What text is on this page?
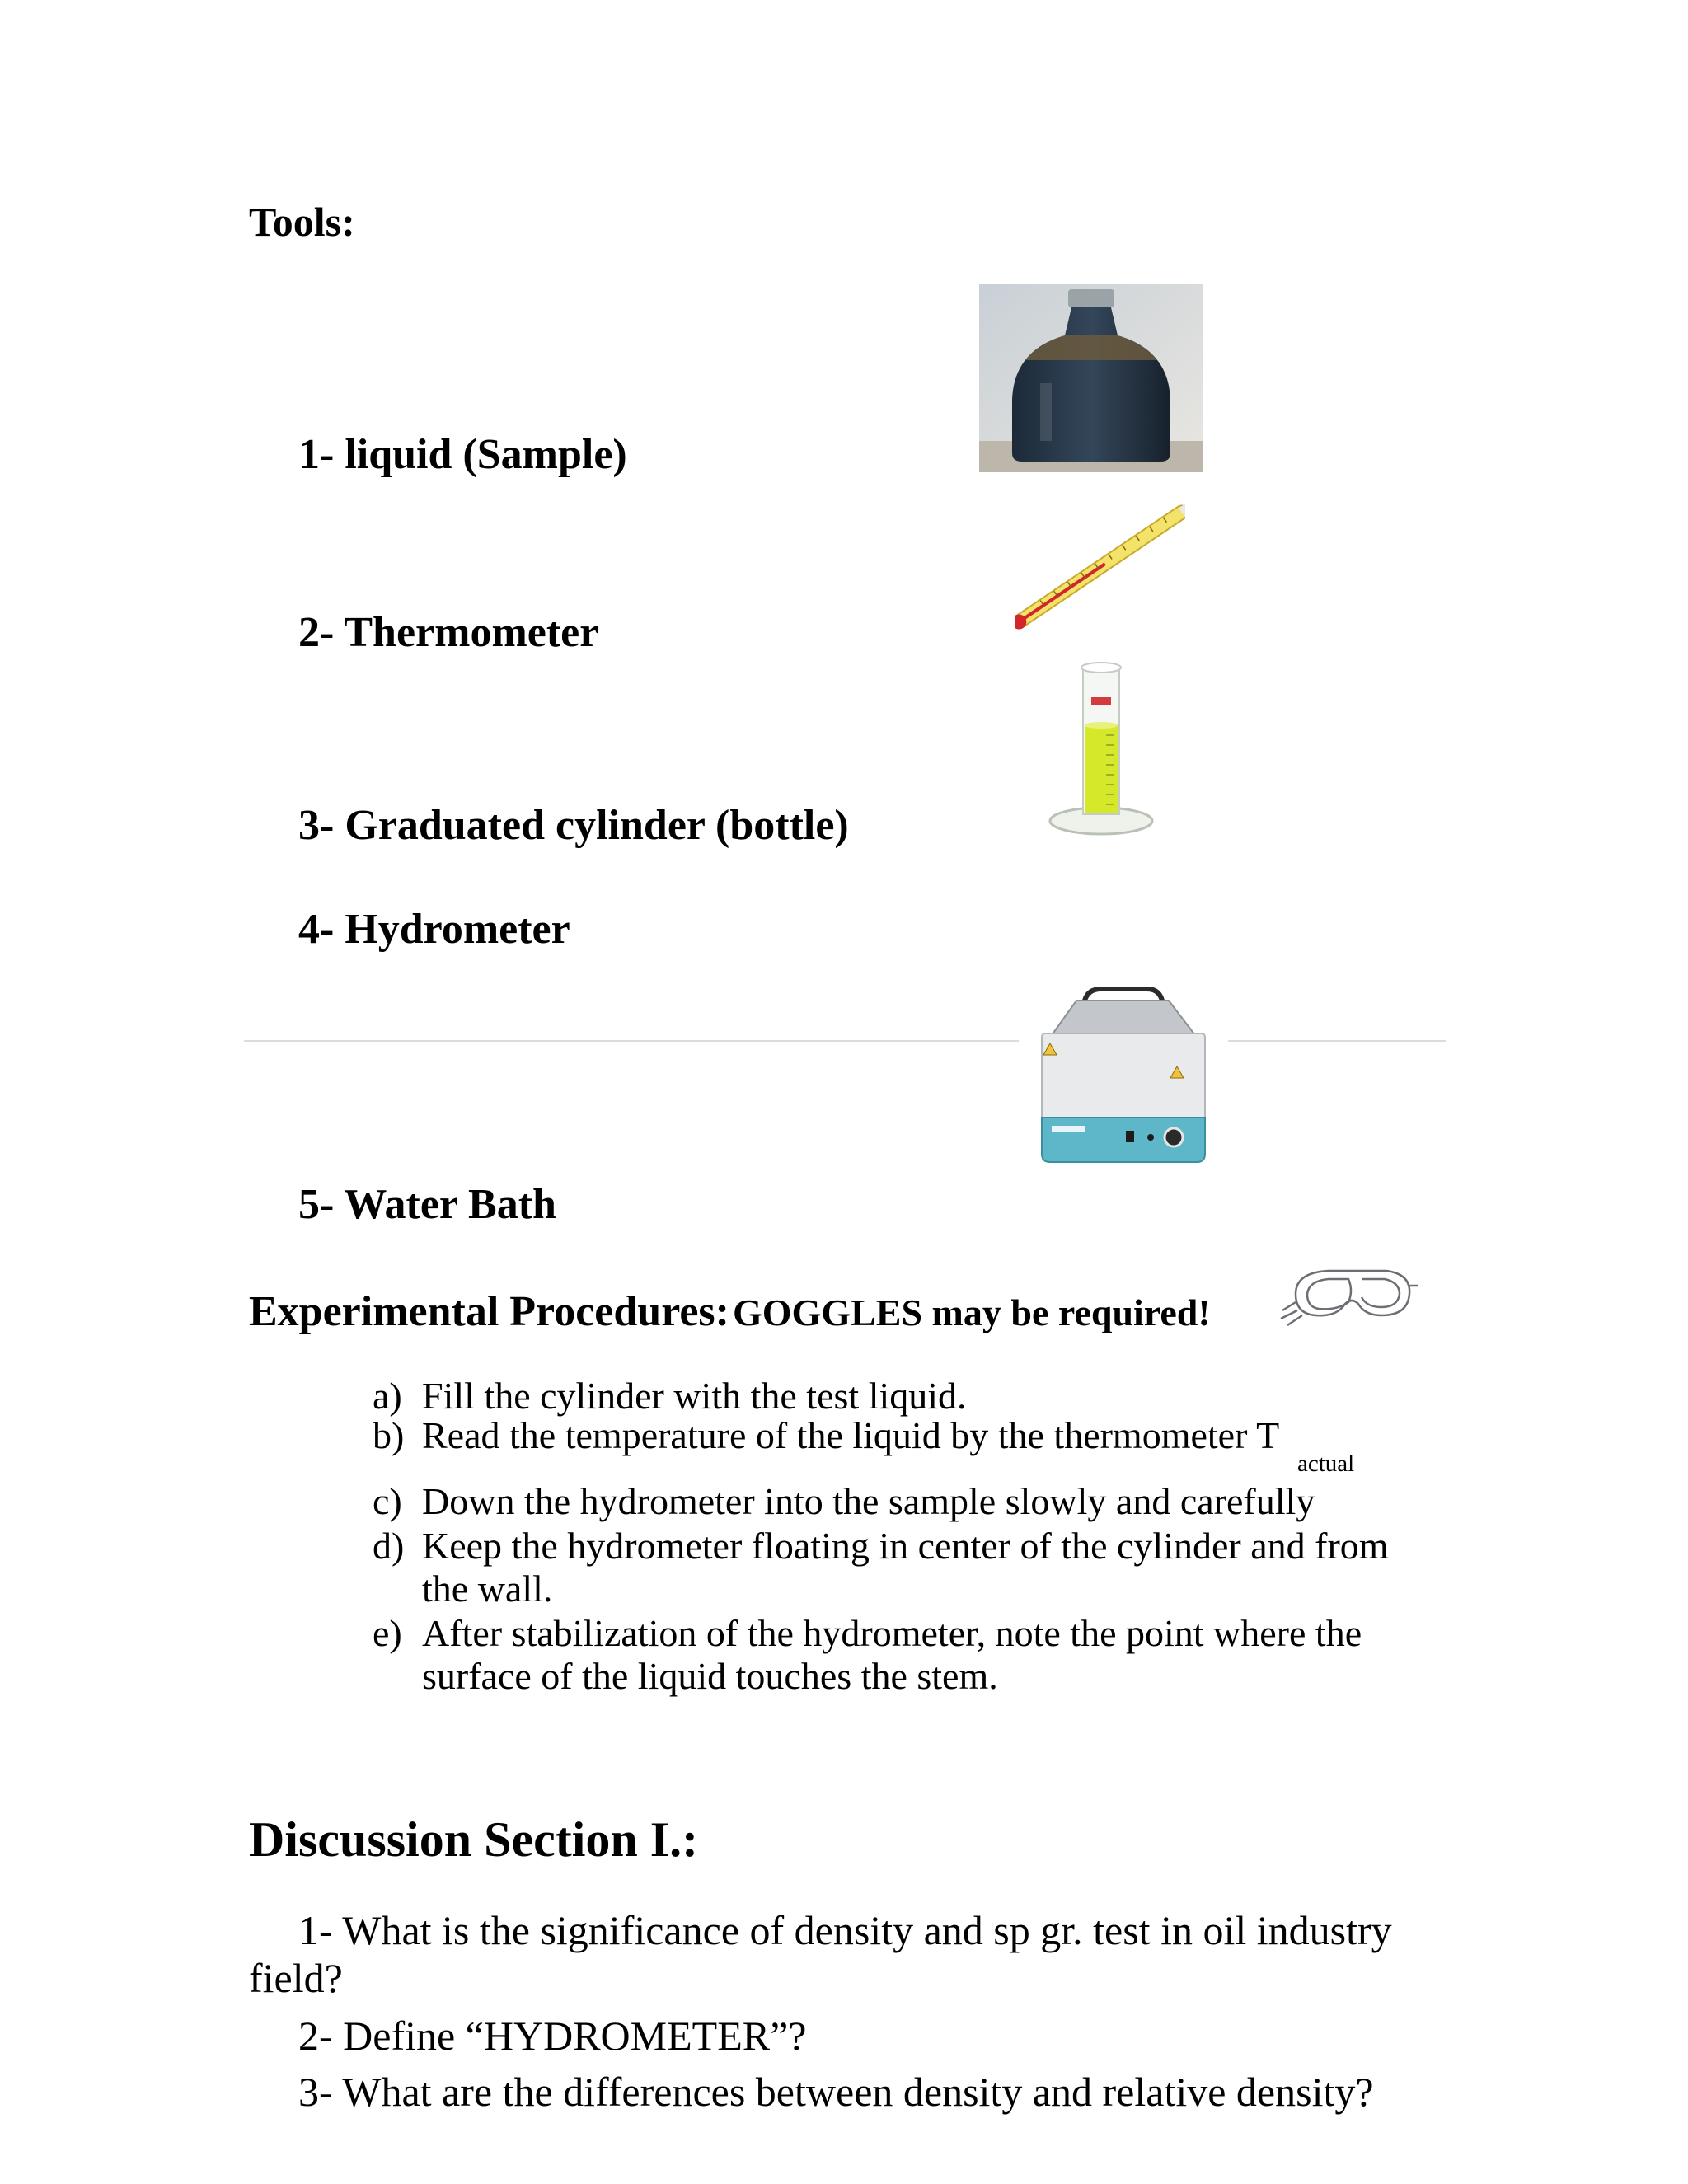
Tools:
1- liquid (Sample)
2- Thermometer
3- Graduated cylinder (bottle)
4- Hydrometer
5- Water Bath
Experimental Procedures: GOGGLES may be required!
a) Fill the cylinder with the test liquid.
b) Read the temperature of the liquid by the thermometer T
actual
c) Down the hydrometer into the sample slowly and carefully
d) Keep the hydrometer floating in center of the cylinder and from
the wall.
e) After stabilization of the hydrometer, note the point where the
surface of the liquid touches the stem.
Discussion Section I.:
1- What is the significance of density and sp gr. test in oil industry
field?
2- Define “HYDROMETER”?
3- What are the differences between density and relative density?
